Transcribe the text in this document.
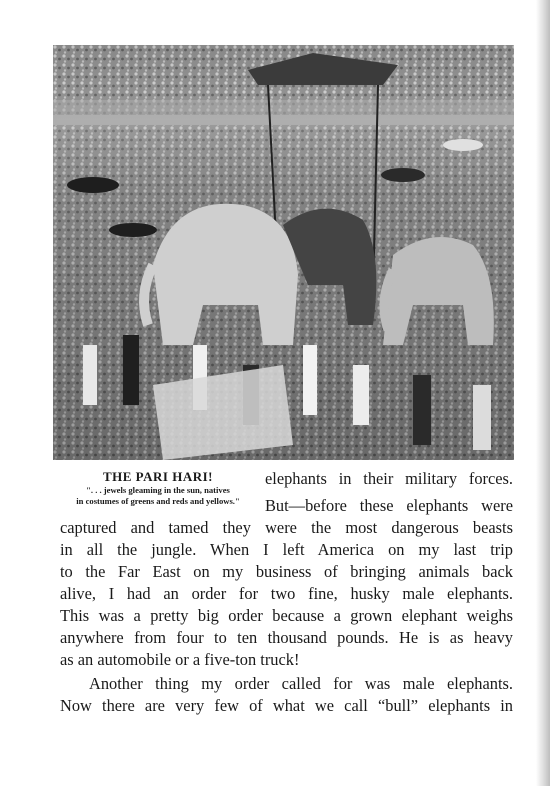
THE PARI HARI!
". . . jewels gleaming in the sun, natives
in costumes of greens and reds and yellows."
elephants in their military forces.
But—before these elephants were
captured and tamed they were the most dangerous beasts
in all the jungle. When I left America on my last trip
to the Far East on my business of bringing animals back
alive, I had an order for two fine, husky male elephants.
This was a pretty big order because a grown elephant weighs
anywhere from four to ten thousand pounds. He is as heavy
as an automobile or a five-ton truck!
Another thing my order called for was male elephants.
Now there are very few of what we call “bull” elephants in
